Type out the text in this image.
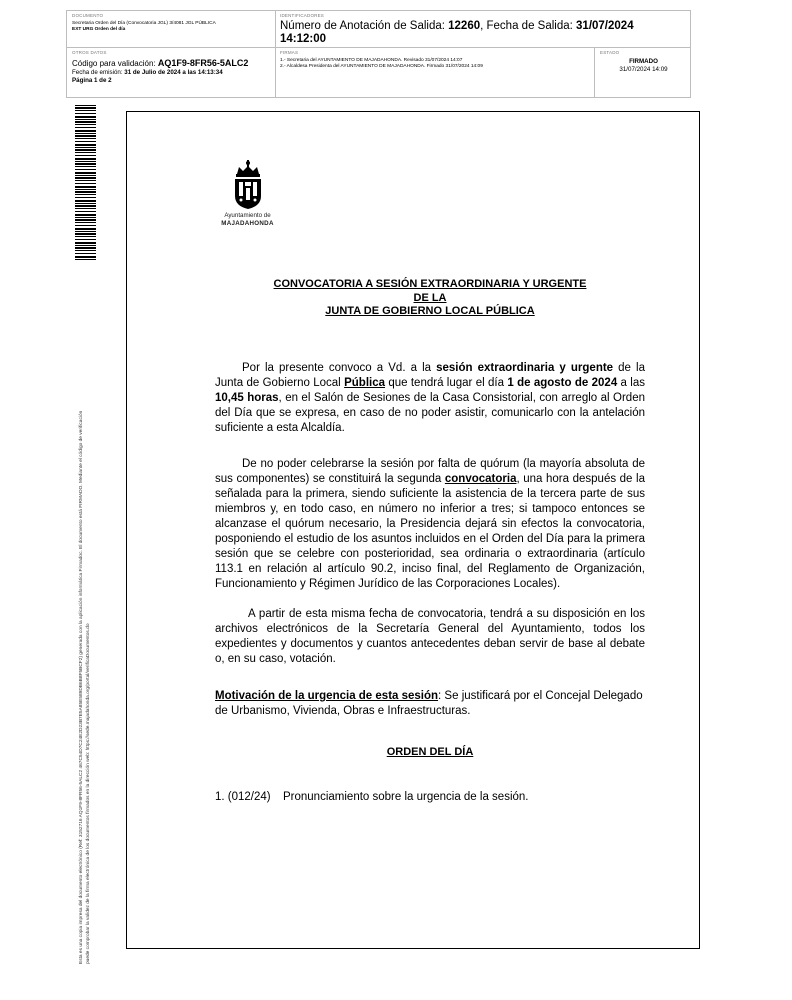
DOCUMENTO
Secretaria Orden del Día (Convocatoria JGL) 3/4081 JGL PÚBLICA
EXT URG Orden del día
IDENTIFICADORES
Número de Anotación de Salida: 12260, Fecha de Salida: 31/07/2024
14:12:00
OTROS DATOS
Código para validación: AQ1F9-8FR56-5ALC2
Fecha de emisión: 31 de Julio de 2024 a las 14:13:34
Página 1 de 2
FIRMAS
1.- Secretaria del AYUNTAMIENTO DE MAJADAHONDA. Revisado 31/07/2024 14:07
2.- Alcaldesa Presidenta del AYUNTAMIENTO DE MAJADAHONDA. Firmado 31/07/2024 14:09
ESTADO
FIRMADO
31/07/2024 14:09
Esta es una copia impresa del documento electrónico (Ref: 3152716 AQ1F9-8FR56-5ALC2 467C54D7C24E2D23B7E5A85E589DB6B8F5BCF2) generada con la aplicación informática Firmadoc. El documento está FIRMADO. Mediante el código de verificación puede comprobar la validez de la firma electrónica de los documentos firmados en la dirección web: https://sede.majadahonda.org/portal/verificaDocumentos.do
Ayuntamiento de
MAJADAHONDA
CONVOCATORIA A SESIÓN EXTRAORDINARIA Y URGENTE
DE LA
JUNTA DE GOBIERNO LOCAL PÚBLICA
Por la presente convoco a Vd. a la sesión extraordinaria y urgente de la Junta de Gobierno Local Pública que tendrá lugar el día 1 de agosto de 2024 a las 10,45 horas, en el Salón de Sesiones de la Casa Consistorial, con arreglo al Orden del Día que se expresa, en caso de no poder asistir, comunicarlo con la antelación suficiente a esta Alcaldía.
De no poder celebrarse la sesión por falta de quórum (la mayoría absoluta de sus componentes) se constituirá la segunda convocatoria, una hora después de la señalada para la primera, siendo suficiente la asistencia de la tercera parte de sus miembros y, en todo caso, en número no inferior a tres; si tampoco entonces se alcanzase el quórum necesario, la Presidencia dejará sin efectos la convocatoria, posponiendo el estudio de los asuntos incluidos en el Orden del Día para la primera sesión que se celebre con posterioridad, sea ordinaria o extraordinaria (artículo 113.1 en relación al artículo 90.2, inciso final, del Reglamento de Organización, Funcionamiento y Régimen Jurídico de las Corporaciones Locales).
A partir de esta misma fecha de convocatoria, tendrá a su disposición en los archivos electrónicos de la Secretaría General del Ayuntamiento, todos los expedientes y documentos y cuantos antecedentes deban servir de base al debate o, en su caso, votación.
Motivación de la urgencia de esta sesión: Se justificará por el Concejal Delegado de Urbanismo, Vivienda, Obras e Infraestructuras.
ORDEN DEL DÍA
1. (012/24) Pronunciamiento sobre la urgencia de la sesión.
